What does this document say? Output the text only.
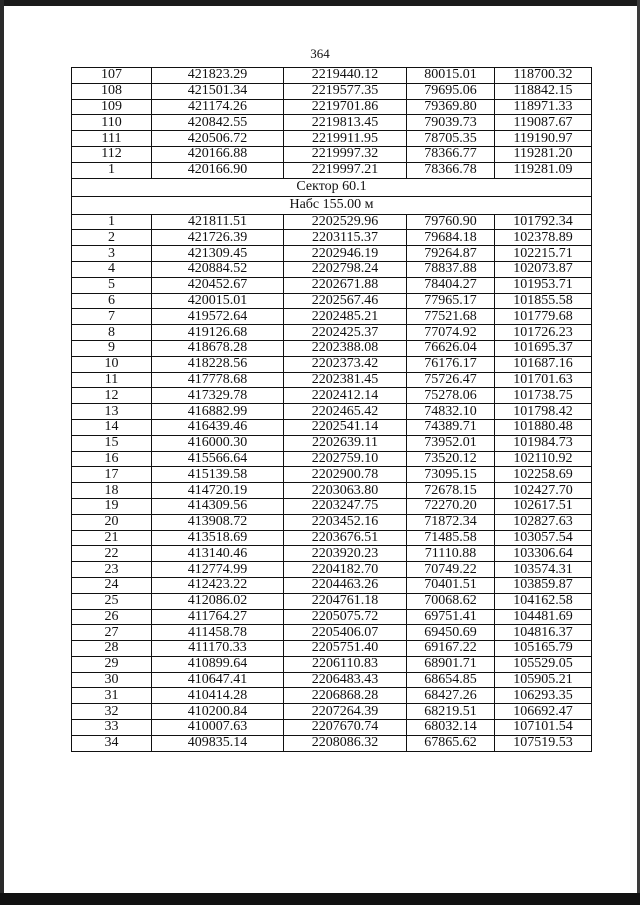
364
107	421823.29	2219440.12	80015.01	118700.32
108	421501.34	2219577.35	79695.06	118842.15
109	421174.26	2219701.86	79369.80	118971.33
110	420842.55	2219813.45	79039.73	119087.67
111	420506.72	2219911.95	78705.35	119190.97
112	420166.88	2219997.32	78366.77	119281.20
1	420166.90	2219997.21	78366.78	119281.09
Сектор 60.1				
Набс 155.00 м				
1	421811.51	2202529.96	79760.90	101792.34
2	421726.39	2203115.37	79684.18	102378.89
3	421309.45	2202946.19	79264.87	102215.71
4	420884.52	2202798.24	78837.88	102073.87
5	420452.67	2202671.88	78404.27	101953.71
6	420015.01	2202567.46	77965.17	101855.58
7	419572.64	2202485.21	77521.68	101779.68
8	419126.68	2202425.37	77074.92	101726.23
9	418678.28	2202388.08	76626.04	101695.37
10	418228.56	2202373.42	76176.17	101687.16
11	417778.68	2202381.45	75726.47	101701.63
12	417329.78	2202412.14	75278.06	101738.75
13	416882.99	2202465.42	74832.10	101798.42
14	416439.46	2202541.14	74389.71	101880.48
15	416000.30	2202639.11	73952.01	101984.73
16	415566.64	2202759.10	73520.12	102110.92
17	415139.58	2202900.78	73095.15	102258.69
18	414720.19	2203063.80	72678.15	102427.70
19	414309.56	2203247.75	72270.20	102617.51
20	413908.72	2203452.16	71872.34	102827.63
21	413518.69	2203676.51	71485.58	103057.54
22	413140.46	2203920.23	71110.88	103306.64
23	412774.99	2204182.70	70749.22	103574.31
24	412423.22	2204463.26	70401.51	103859.87
25	412086.02	2204761.18	70068.62	104162.58
26	411764.27	2205075.72	69751.41	104481.69
27	411458.78	2205406.07	69450.69	104816.37
28	411170.33	2205751.40	69167.22	105165.79
29	410899.64	2206110.83	68901.71	105529.05
30	410647.41	2206483.43	68654.85	105905.21
31	410414.28	2206868.28	68427.26	106293.35
32	410200.84	2207264.39	68219.51	106692.47
33	410007.63	2207670.74	68032.14	107101.54
34	409835.14	2208086.32	67865.62	107519.53
